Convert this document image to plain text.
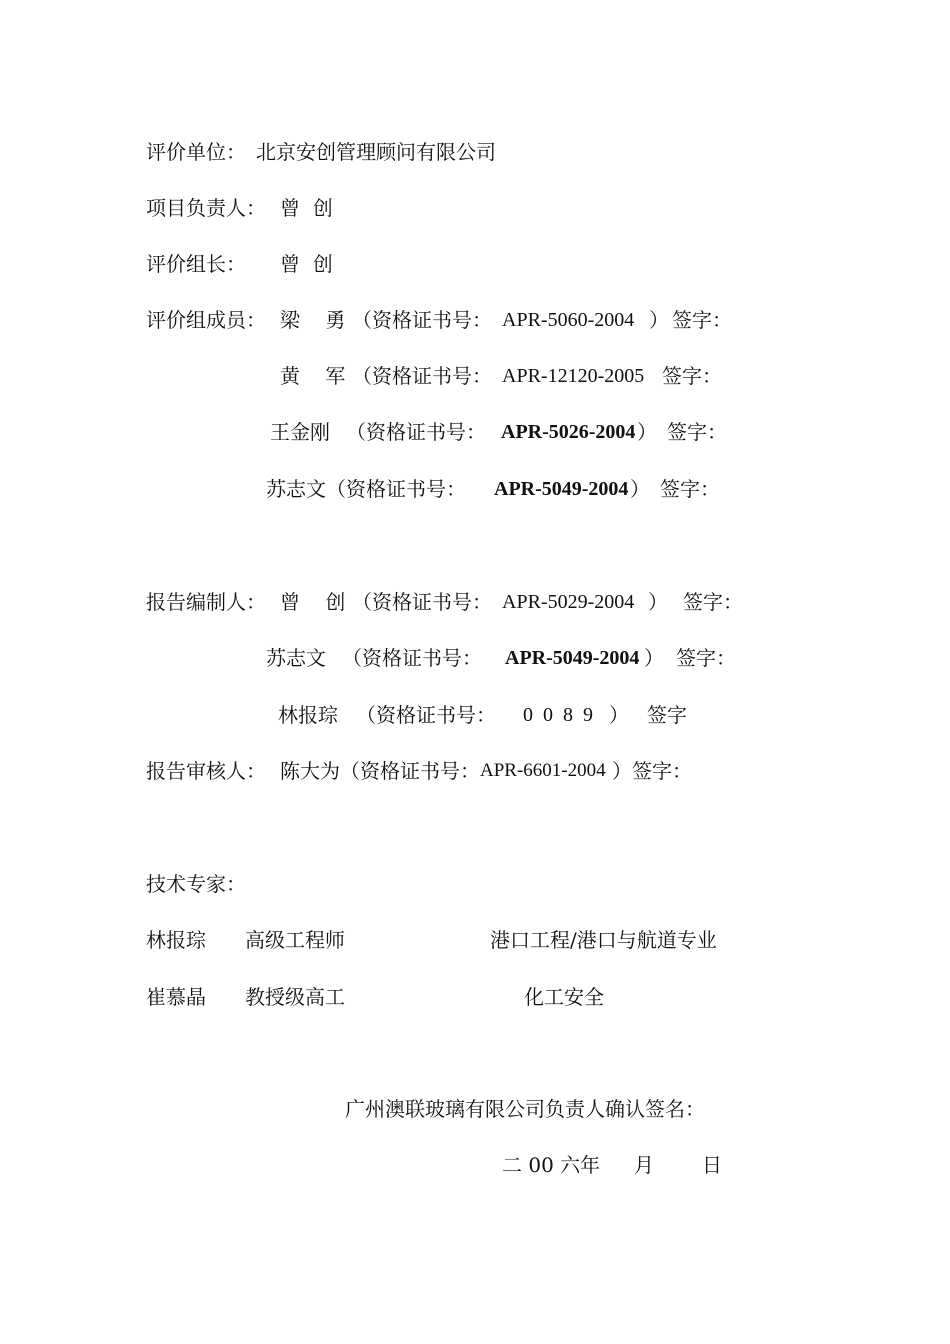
评价单位： 北京安创管理顾问有限公司
项目负责人： 曾  创
评价组长： 曾  创
评价组成员： 梁    勇 （资格证书号： APR-5060-2004 ） 签字：
黄    军 （资格证书号： APR-12120-2005 签字：
王金刚 （资格证书号： APR-5026-2004 ） 签字：
苏志文 （资格证书号： APR-5049-2004 ） 签字：
报告编制人： 曾    创 （资格证书号： APR-5029-2004 ） 签字：
苏志文 （资格证书号： APR-5049-2004 ） 签字：
林报琮 （资格证书号： 0089 ） 签字
报告审核人： 陈大为 （资格证书号： APR-6601-2004 ） 签字：
技术专家：
林报琮 高级工程师	港口工程/港口与航道专业
崔慕晶 教授级高工	化工安全
广州澳联玻璃有限公司负责人确认签名：
二 00 六年 月 日
